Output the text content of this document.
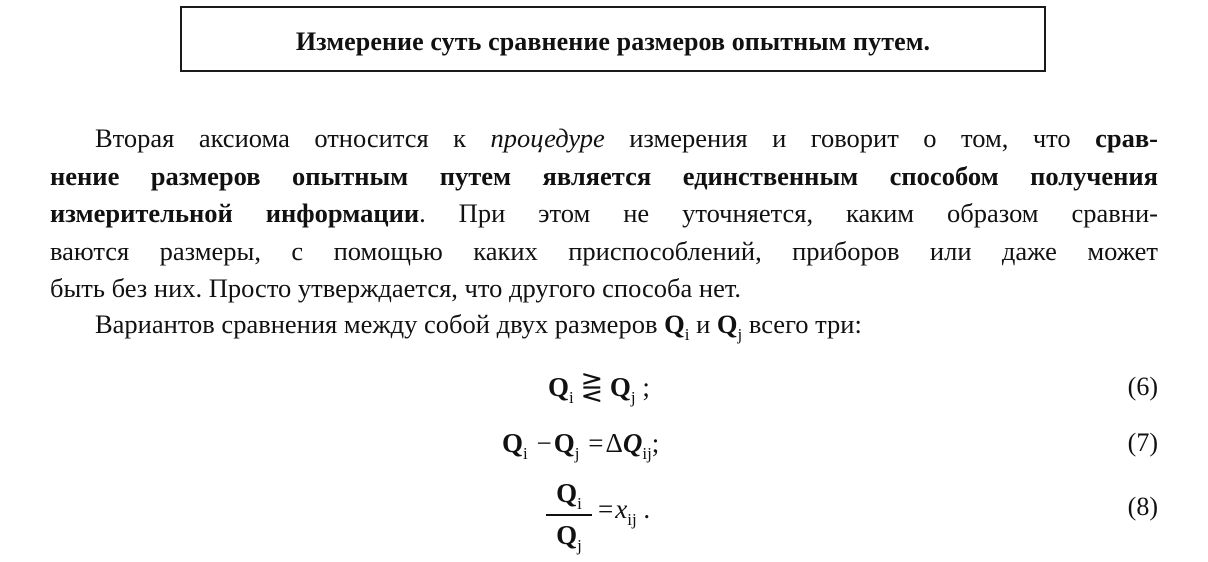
Измерение суть сравнение размеров опытным путем.

Вторая аксиома относится к процедуре измерения и говорит о том, что срав-
нение размеров опытным путем является единственным способом получения
измерительной информации. При этом не уточняется, каким образом сравни-
ваются размеры, с помощью каких приспособлений, приборов или даже может
быть без них. Просто утверждается, что другого способа нет.

Вариантов сравнения между собой двух размеров $Q_i$ и $Q_j$ всего три:

$Q_i$ ⋛ $Q_j$ ;	(6)
$Q_i -Q_j =\Delta Q_{ij}$;	(7)
$Q_i$
$Q_j$
$=x_{ij}$ .	(8)
